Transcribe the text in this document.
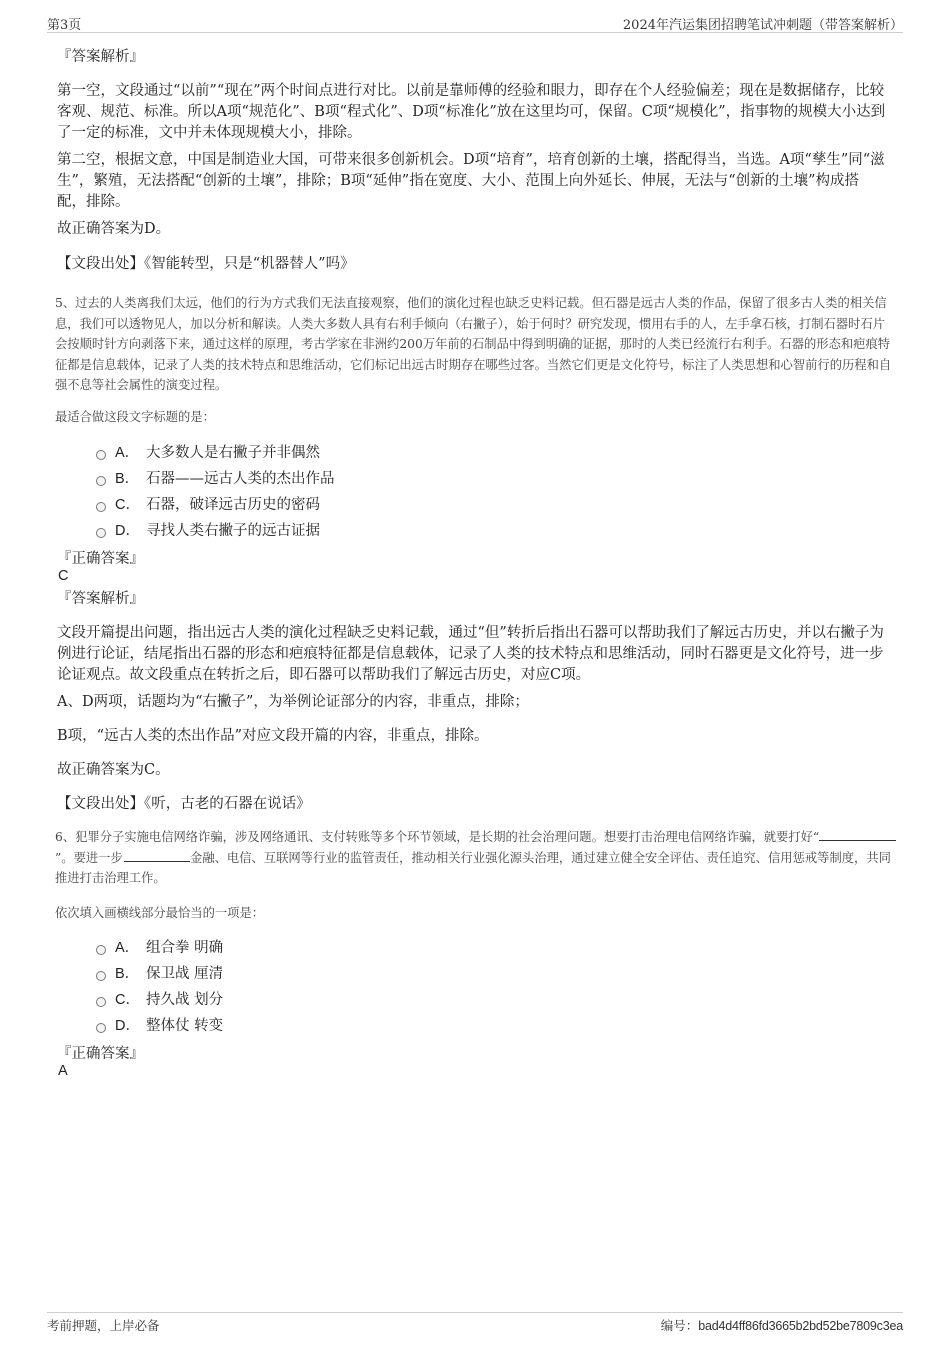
第3页	2024年汽运集团招聘笔试冲刺题（带答案解析）
『答案解析』

第一空，文段通过“以前”“现在”两个时间点进行对比。以前是靠师傅的经验和眼力，即存在个人经验偏差；现在是数据储存，比较客观、规范、标准。所以A项“规范化”、B项“程式化”、D项“标准化”放在这里均可，保留。C项“规模化”，指事物的规模大小达到了一定的标准，文中并未体现规模大小，排除。

第二空，根据文意，中国是制造业大国，可带来很多创新机会。D项“培育”，培育创新的土壤，搭配得当，当选。A项“孳生”同“滋生”，繁殖，无法搭配“创新的土壤”，排除；B项“延伸”指在宽度、大小、范围上向外延长、伸展，无法与“创新的土壤”构成搭配，排除。

故正确答案为D。

【文段出处】《智能转型，只是“机器替人”吗》

5、过去的人类离我们太远，他们的行为方式我们无法直接观察，他们的演化过程也缺乏史料记载。但石器是远古人类的作品，保留了很多古人类的相关信息，我们可以透物见人，加以分析和解读。人类大多数人具有右利手倾向（右撇子），始于何时？研究发现，惯用右手的人，左手拿石核，打制石器时石片会按顺时针方向剥落下来，通过这样的原理，考古学家在非洲约200万年前的石制品中得到明确的证据，那时的人类已经流行右利手。石器的形态和疤痕特征都是信息载体，记录了人类的技术特点和思维活动，它们标记出远古时期存在哪些过客。当然它们更是文化符号，标注了人类思想和心智前行的历程和自强不息等社会属性的演变过程。

最适合做这段文字标题的是：

A． 大多数人是右撇子并非偶然
B． 石器——远古人类的杰出作品
C． 石器，破译远古历史的密码
D． 寻找人类右撇子的远古证据
『正确答案』
C
『答案解析』

文段开篇提出问题，指出远古人类的演化过程缺乏史料记载，通过“但”转折后指出石器可以帮助我们了解远古历史，并以右撇子为例进行论证，结尾指出石器的形态和疤痕特征都是信息载体，记录了人类的技术特点和思维活动，同时石器更是文化符号，进一步论证观点。故文段重点在转折之后，即石器可以帮助我们了解远古历史，对应C项。

A、D两项，话题均为“右撇子”，为举例论证部分的内容，非重点，排除；

B项，“远古人类的杰出作品”对应文段开篇的内容，非重点，排除。

故正确答案为C。

【文段出处】《听，古老的石器在说话》

6、犯罪分子实施电信网络诈骗，涉及网络通讯、支付转账等多个环节领域，是长期的社会治理问题。想要打击治理电信网络诈骗，就要打好“”。要进一步 	金融、电信、互联网等行业的监管责任，推动相关行业强化源头治理，通过建立健全安全评估、责任追究、信用惩戒等制度，共同推进打击治理工作。

依次填入画横线部分最恰当的一项是：

A． 组合拳 明确
B． 保卫战 厘清
C． 持久战 划分
D． 整体仗 转变
『正确答案』
A
考前押题，上岸必备	编号：bad4d4ff86fd3665b2bd52be7809c3ea
